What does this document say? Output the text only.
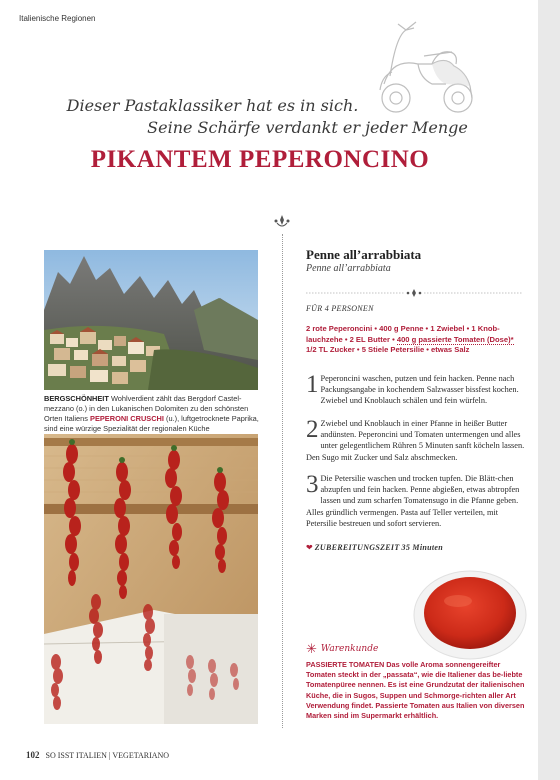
Italienische Regionen
Dieser Pastaklassiker hat es in sich.
Seine Schärfe verdankt er jeder Menge
PIKANTEM PEPERONCINO
BERGSCHÖNHEIT Wohlverdient zählt das Bergdorf Castel-mezzano (o.) in den Lukanischen Dolomiten zu den schönsten Orten Italiens PEPERONI CRUSCHI (u.), luftgetrocknete Paprika, sind eine würzige Spezialität der regionalen Küche
Penne all’arrabbiata
Penne all’arrabbiata
FÜR 4 PERSONEN
2 rote Peperoncini • 400 g Penne • 1 Zwiebel • 1 Knob-lauchzehe • 2 EL Butter • 400 g passierte Tomaten (Dose)* 1/2 TL Zucker • 5 Stiele Petersilie • etwas Salz
1 Peperoncini waschen, putzen und fein hacken. Penne nach Packungsangabe in kochendem Salzwasser bissfest kochen. Zwiebel und Knoblauch schälen und fein würfeln.
2 Zwiebel und Knoblauch in einer Pfanne in heißer Butter andünsten. Peperoncini und Tomaten untermengen und alles unter gelegentlichem Rühren 5 Minuten sanft köcheln lassen. Den Sugo mit Zucker und Salz abschmecken.
3 Die Petersilie waschen und trocken tupfen. Die Blätt-chen abzupfen und fein hacken. Penne abgießen, etwas abtropfen lassen und zum scharfen Tomatensugo in die Pfanne geben. Alles gründlich vermengen. Pasta auf Teller verteilen, mit Petersilie bestreuen und sofort servieren.
❤ ZUBEREITUNGSZEIT 35 Minuten
✳ Warenkunde
PASSIERTE TOMATEN Das volle Aroma sonnengereifter Tomaten steckt in der „passata“, wie die Italiener das be-liebte Tomatenpüree nennen. Es ist eine Grundzutat der italienischen Küche, die in Sugos, Suppen und Schmorge-richten aller Art Verwendung findet. Passierte Tomaten aus Italien von diversen Marken sind im Supermarkt erhältlich.
102 SO ISST ITALIEN | VEGETARIANO
